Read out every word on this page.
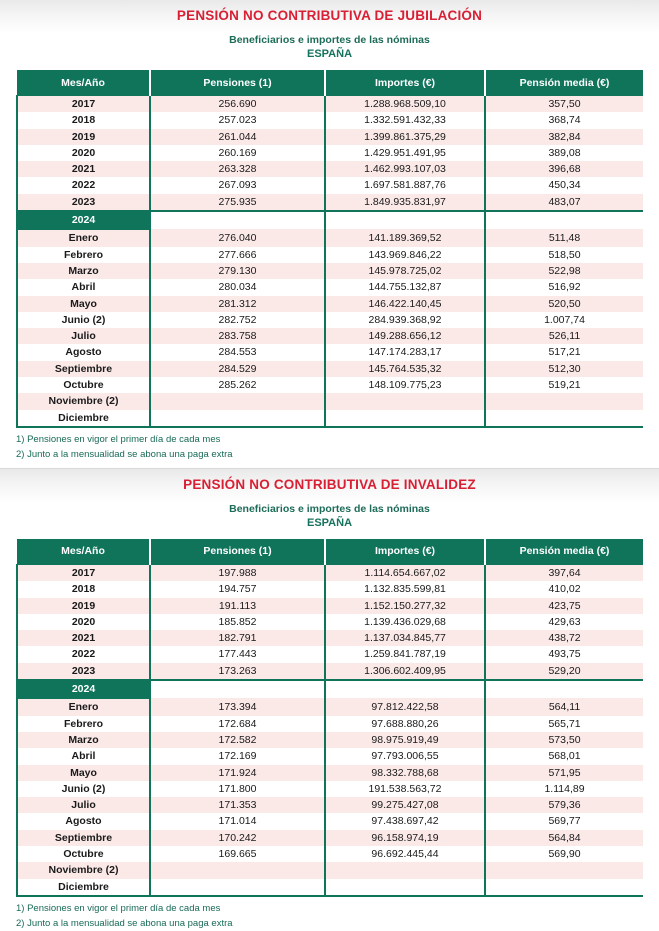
PENSIÓN NO CONTRIBUTIVA DE JUBILACIÓN
Beneficiarios e importes de las nóminas
ESPAÑA
Mes/Año	Pensiones (1)	Importes (€)	Pensión media (€)
2017	256.690	1.288.968.509,10	357,50
2018	257.023	1.332.591.432,33	368,74
2019	261.044	1.399.861.375,29	382,84
2020	260.169	1.429.951.491,95	389,08
2021	263.328	1.462.993.107,03	396,68
2022	267.093	1.697.581.887,76	450,34
2023	275.935	1.849.935.831,97	483,07
2024			
Enero	276.040	141.189.369,52	511,48
Febrero	277.666	143.969.846,22	518,50
Marzo	279.130	145.978.725,02	522,98
Abril	280.034	144.755.132,87	516,92
Mayo	281.312	146.422.140,45	520,50
Junio (2)	282.752	284.939.368,92	1.007,74
Julio	283.758	149.288.656,12	526,11
Agosto	284.553	147.174.283,17	517,21
Septiembre	284.529	145.764.535,32	512,30
Octubre	285.262	148.109.775,23	519,21
Noviembre (2)			
Diciembre			
1) Pensiones en vigor el primer día de cada mes
2) Junto a la mensualidad se abona una paga extra
PENSIÓN NO CONTRIBUTIVA DE INVALIDEZ
Beneficiarios e importes de las nóminas
ESPAÑA
Mes/Año	Pensiones (1)	Importes (€)	Pensión media (€)
2017	197.988	1.114.654.667,02	397,64
2018	194.757	1.132.835.599,81	410,02
2019	191.113	1.152.150.277,32	423,75
2020	185.852	1.139.436.029,68	429,63
2021	182.791	1.137.034.845,77	438,72
2022	177.443	1.259.841.787,19	493,75
2023	173.263	1.306.602.409,95	529,20
2024			
Enero	173.394	97.812.422,58	564,11
Febrero	172.684	97.688.880,26	565,71
Marzo	172.582	98.975.919,49	573,50
Abril	172.169	97.793.006,55	568,01
Mayo	171.924	98.332.788,68	571,95
Junio (2)	171.800	191.538.563,72	1.114,89
Julio	171.353	99.275.427,08	579,36
Agosto	171.014	97.438.697,42	569,77
Septiembre	170.242	96.158.974,19	564,84
Octubre	169.665	96.692.445,44	569,90
Noviembre (2)			
Diciembre			
1) Pensiones en vigor el primer día de cada mes
2) Junto a la mensualidad se abona una paga extra
